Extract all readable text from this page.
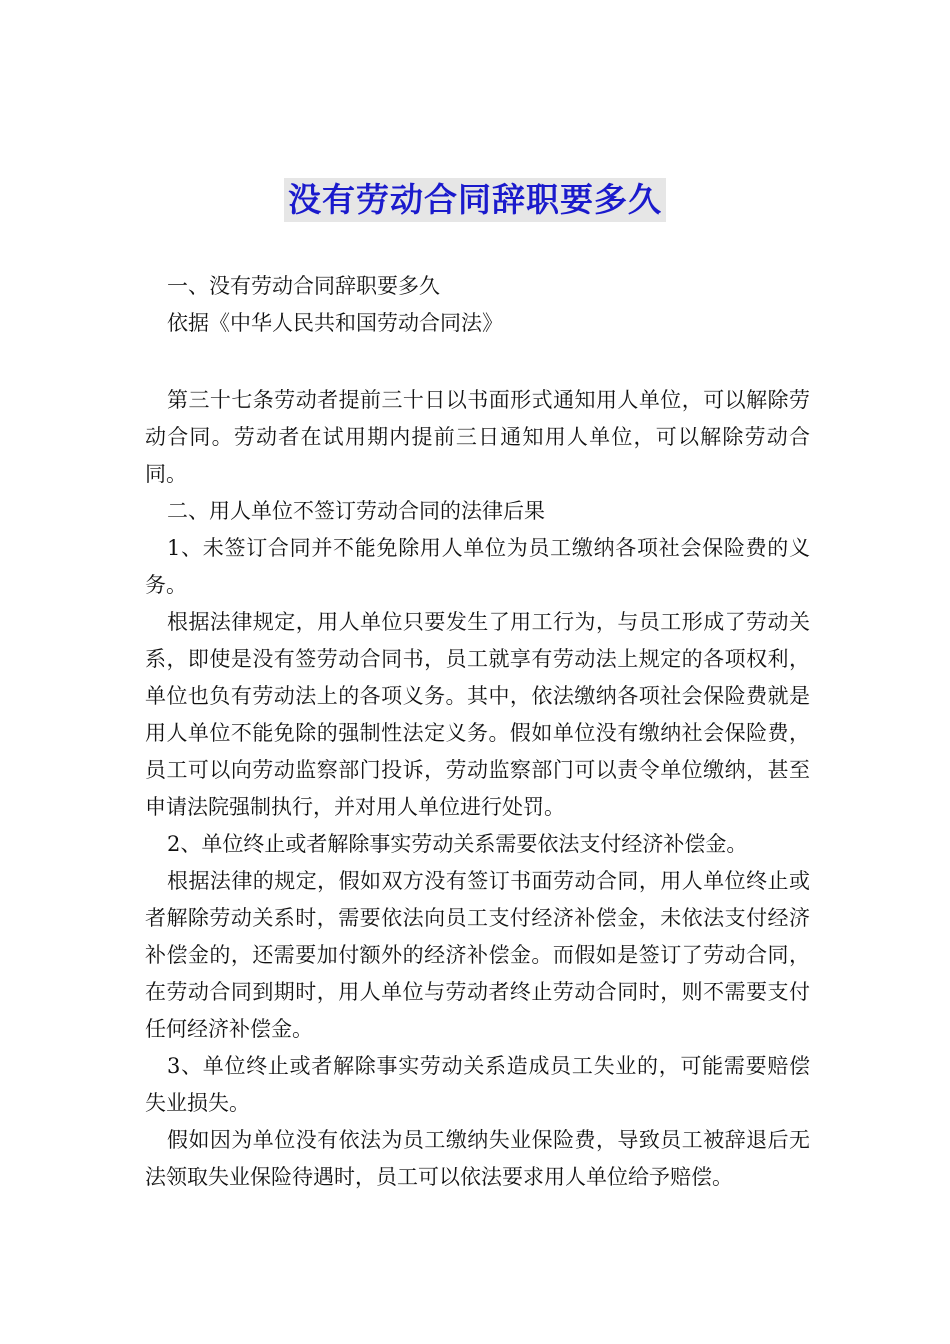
没有劳动合同辞职要多久

一、没有劳动合同辞职要多久

依据《中华人民共和国劳动合同法》

第三十七条劳动者提前三十日以书面形式通知用人单位，可以解除劳动合同。劳动者在试用期内提前三日通知用人单位，可以解除劳动合同。

二、用人单位不签订劳动合同的法律后果

1、未签订合同并不能免除用人单位为员工缴纳各项社会保险费的义务。

根据法律规定，用人单位只要发生了用工行为，与员工形成了劳动关系，即使是没有签劳动合同书，员工就享有劳动法上规定的各项权利，单位也负有劳动法上的各项义务。其中，依法缴纳各项社会保险费就是用人单位不能免除的强制性法定义务。假如单位没有缴纳社会保险费，员工可以向劳动监察部门投诉，劳动监察部门可以责令单位缴纳，甚至申请法院强制执行，并对用人单位进行处罚。

2、单位终止或者解除事实劳动关系需要依法支付经济补偿金。

根据法律的规定，假如双方没有签订书面劳动合同，用人单位终止或者解除劳动关系时，需要依法向员工支付经济补偿金，未依法支付经济补偿金的，还需要加付额外的经济补偿金。而假如是签订了劳动合同，在劳动合同到期时，用人单位与劳动者终止劳动合同时，则不需要支付任何经济补偿金。

3、单位终止或者解除事实劳动关系造成员工失业的，可能需要赔偿失业损失。

假如因为单位没有依法为员工缴纳失业保险费，导致员工被辞退后无法领取失业保险待遇时，员工可以依法要求用人单位给予赔偿。
